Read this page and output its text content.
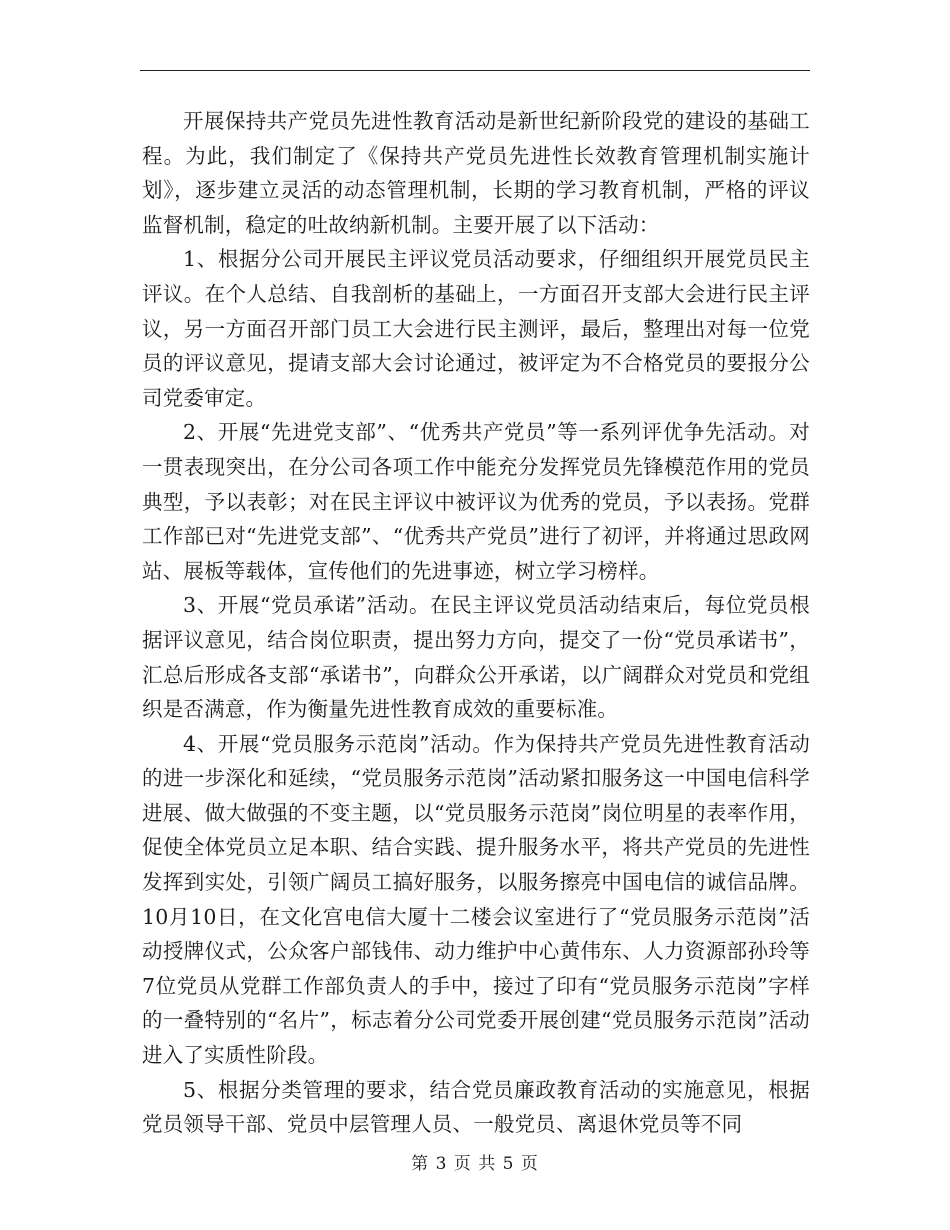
开展保持共产党员先进性教育活动是新世纪新阶段党的建设的基础工程。为此，我们制定了《保持共产党员先进性长效教育管理机制实施计划》，逐步建立灵活的动态管理机制，长期的学习教育机制，严格的评议监督机制，稳定的吐故纳新机制。主要开展了以下活动：

1、根据分公司开展民主评议党员活动要求，仔细组织开展党员民主评议。在个人总结、自我剖析的基础上，一方面召开支部大会进行民主评议，另一方面召开部门员工大会进行民主测评，最后，整理出对每一位党员的评议意见，提请支部大会讨论通过，被评定为不合格党员的要报分公司党委审定。

2、开展“先进党支部”、“优秀共产党员”等一系列评优争先活动。对一贯表现突出，在分公司各项工作中能充分发挥党员先锋模范作用的党员典型，予以表彰；对在民主评议中被评议为优秀的党员，予以表扬。党群工作部已对“先进党支部”、“优秀共产党员”进行了初评，并将通过思政网站、展板等载体，宣传他们的先进事迹，树立学习榜样。

3、开展“党员承诺”活动。在民主评议党员活动结束后，每位党员根据评议意见，结合岗位职责，提出努力方向，提交了一份“党员承诺书”，汇总后形成各支部“承诺书”，向群众公开承诺，以广阔群众对党员和党组织是否满意，作为衡量先进性教育成效的重要标准。

4、开展“党员服务示范岗”活动。作为保持共产党员先进性教育活动的进一步深化和延续，“党员服务示范岗”活动紧扣服务这一中国电信科学进展、做大做强的不变主题，以“党员服务示范岗”岗位明星的表率作用，促使全体党员立足本职、结合实践、提升服务水平，将共产党员的先进性发挥到实处，引领广阔员工搞好服务，以服务擦亮中国电信的诚信品牌。10月10日，在文化宫电信大厦十二楼会议室进行了“党员服务示范岗”活动授牌仪式，公众客户部钱伟、动力维护中心黄伟东、人力资源部孙玲等7位党员从党群工作部负责人的手中，接过了印有“党员服务示范岗”字样的一叠特别的“名片”，标志着分公司党委开展创建“党员服务示范岗”活动进入了实质性阶段。

5、根据分类管理的要求，结合党员廉政教育活动的实施意见，根据党员领导干部、党员中层管理人员、一般党员、离退休党员等不同

第 3 页 共 5 页
